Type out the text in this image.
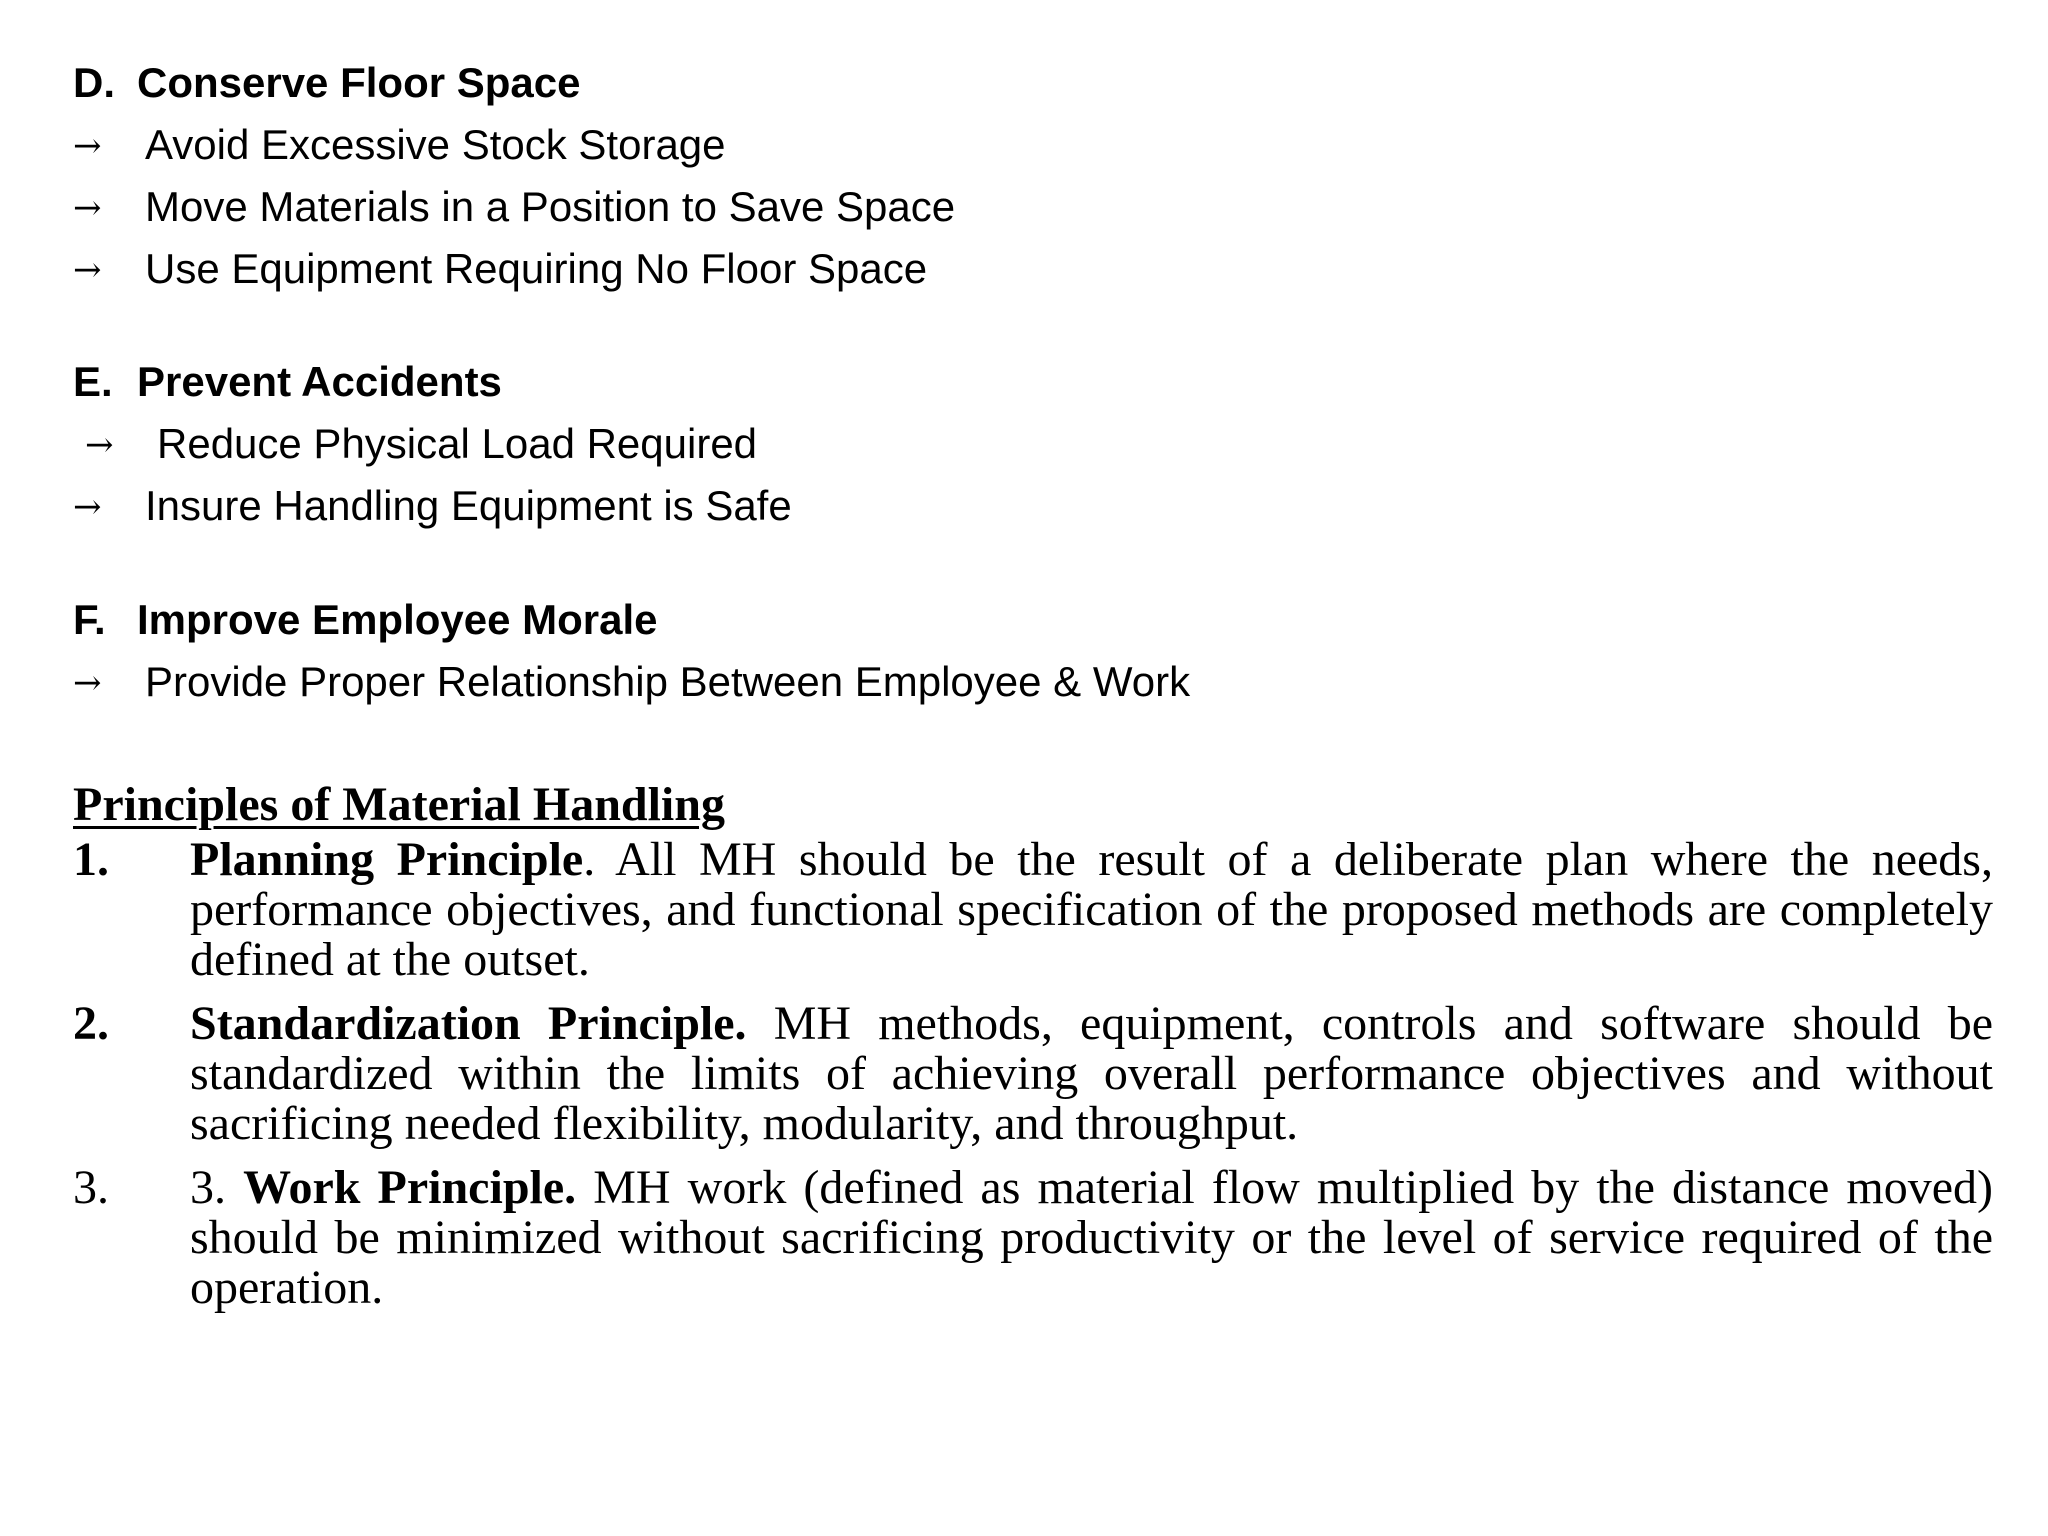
D. Conserve Floor Space
→ Avoid Excessive Stock Storage
→ Move Materials in a Position to Save Space
→ Use Equipment Requiring No Floor Space
E. Prevent Accidents
→ Reduce Physical Load Required
→ Insure Handling Equipment is Safe
F. Improve Employee Morale
→ Provide Proper Relationship Between Employee & Work
Principles of Material Handling
1.	Planning Principle. All MH should be the result of a deliberate plan where the needs, performance objectives, and functional specification of the proposed methods are completely defined at the outset.
2.	Standardization Principle. MH methods, equipment, controls and software should be standardized within the limits of achieving overall performance objectives and without sacrificing needed flexibility, modularity, and throughput.
3.	3. Work Principle. MH work (defined as material flow multiplied by the distance moved) should be minimized without sacrificing productivity or the level of service required of the operation.
